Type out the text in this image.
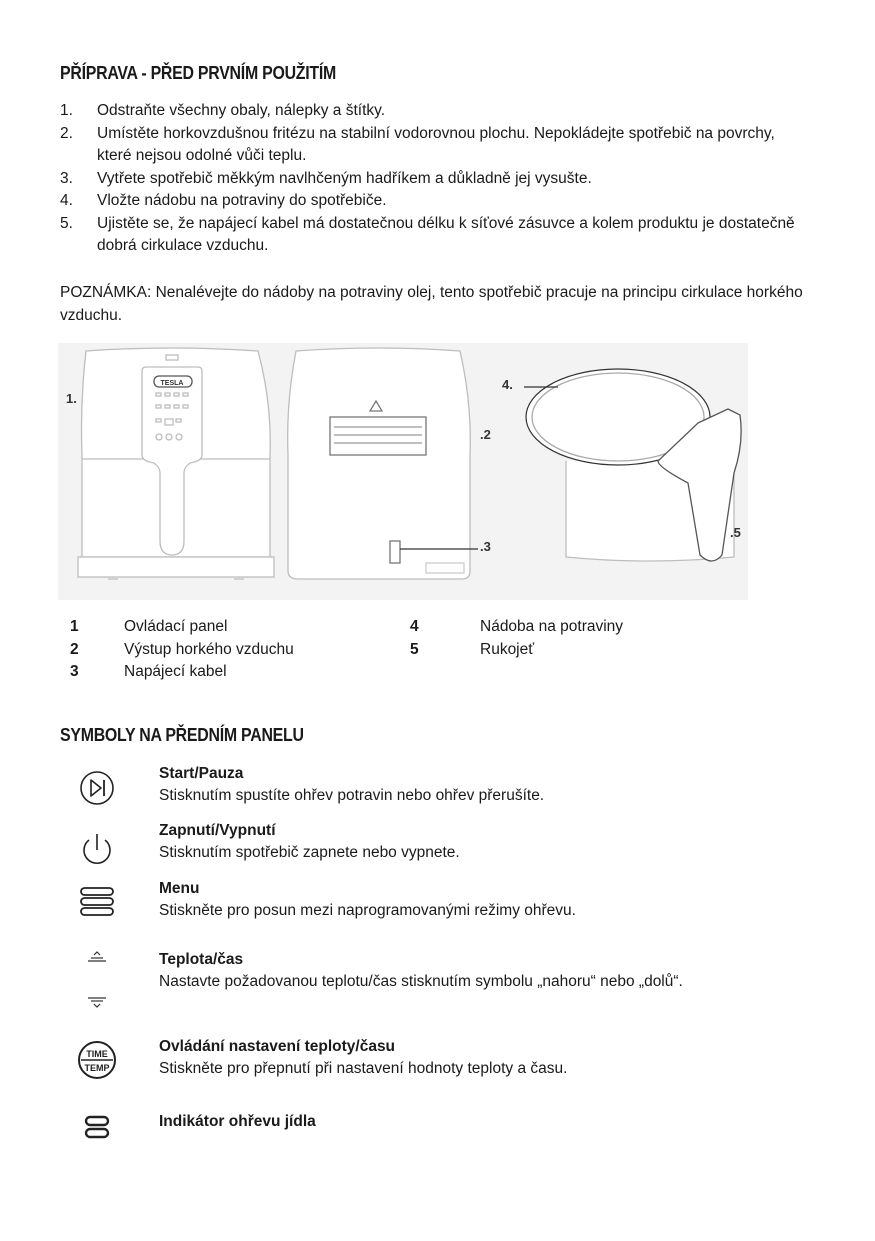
PŘÍPRAVA - PŘED PRVNÍM POUŽITÍM
1. Odstraňte všechny obaly, nálepky a štítky.
2. Umístěte horkovzdušnou fritézu na stabilní vodorovnou plochu. Nepokládejte spotřebič na povrchy, které nejsou odolné vůči teplu.
3. Vytřete spotřebič měkkým navlhčeným hadříkem a důkladně jej vysušte.
4. Vložte nádobu na potraviny do spotřebiče.
5. Ujistěte se, že napájecí kabel má dostatečnou délku k síťové zásuvce a kolem produktu je dostatečně dobrá cirkulace vzduchu.

POZNÁMKA: Nenalévejte do nádoby na potraviny olej, tento spotřebič pracuje na principu cirkulace horkého vzduchu.

TESLA
1.
.2
.3
4.
.5
1	Ovládací panel
2	Výstup horkého vzduchu
3	Napájecí kabel
4	Nádoba na potraviny
5	Rukojeť
SYMBOLY NA PŘEDNÍM PANELU
Start/Pauza
Stisknutím spustíte ohřev potravin nebo ohřev přerušíte.
Zapnutí/Vypnutí
Stisknutím spotřebič zapnete nebo vypnete.
Menu
Stiskněte pro posun mezi naprogramovanými režimy ohřevu.
Teplota/čas
Nastavte požadovanou teplotu/čas stisknutím symbolu „nahoru“ nebo „dolů“.
TIME
TEMP
Ovládání nastavení teploty/času
Stiskněte pro přepnutí při nastavení hodnoty teploty a času.
Indikátor ohřevu jídla
